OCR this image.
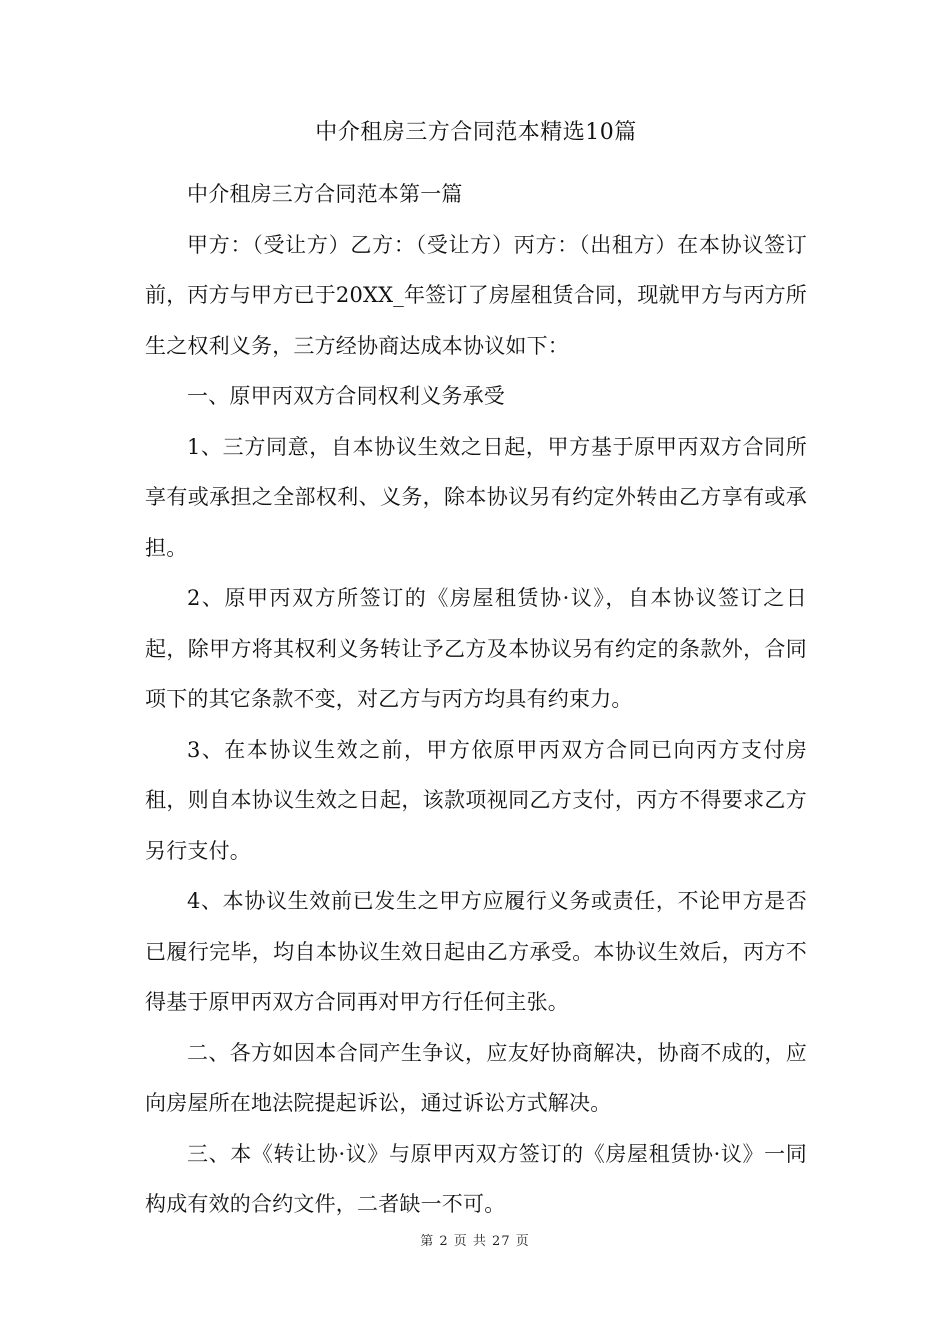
中介租房三方合同范本精选10篇

中介租房三方合同范本第一篇

甲方：（受让方）乙方：（受让方）丙方：（出租方）在本协议签订前，丙方与甲方已于20XX_年签订了房屋租赁合同，现就甲方与丙方所生之权利义务，三方经协商达成本协议如下：

一、原甲丙双方合同权利义务承受

1、三方同意，自本协议生效之日起，甲方基于原甲丙双方合同所享有或承担之全部权利、义务，除本协议另有约定外转由乙方享有或承担。

2、原甲丙双方所签订的《房屋租赁协·议》，自本协议签订之日起，除甲方将其权利义务转让予乙方及本协议另有约定的条款外，合同项下的其它条款不变，对乙方与丙方均具有约束力。

3、在本协议生效之前，甲方依原甲丙双方合同已向丙方支付房租，则自本协议生效之日起，该款项视同乙方支付，丙方不得要求乙方另行支付。

4、本协议生效前已发生之甲方应履行义务或责任，不论甲方是否已履行完毕，均自本协议生效日起由乙方承受。本协议生效后，丙方不得基于原甲丙双方合同再对甲方行任何主张。

二、各方如因本合同产生争议，应友好协商解决，协商不成的，应向房屋所在地法院提起诉讼，通过诉讼方式解决。

三、本《转让协·议》与原甲丙双方签订的《房屋租赁协·议》一同构成有效的合约文件，二者缺一不可。

第 2 页 共 27 页
